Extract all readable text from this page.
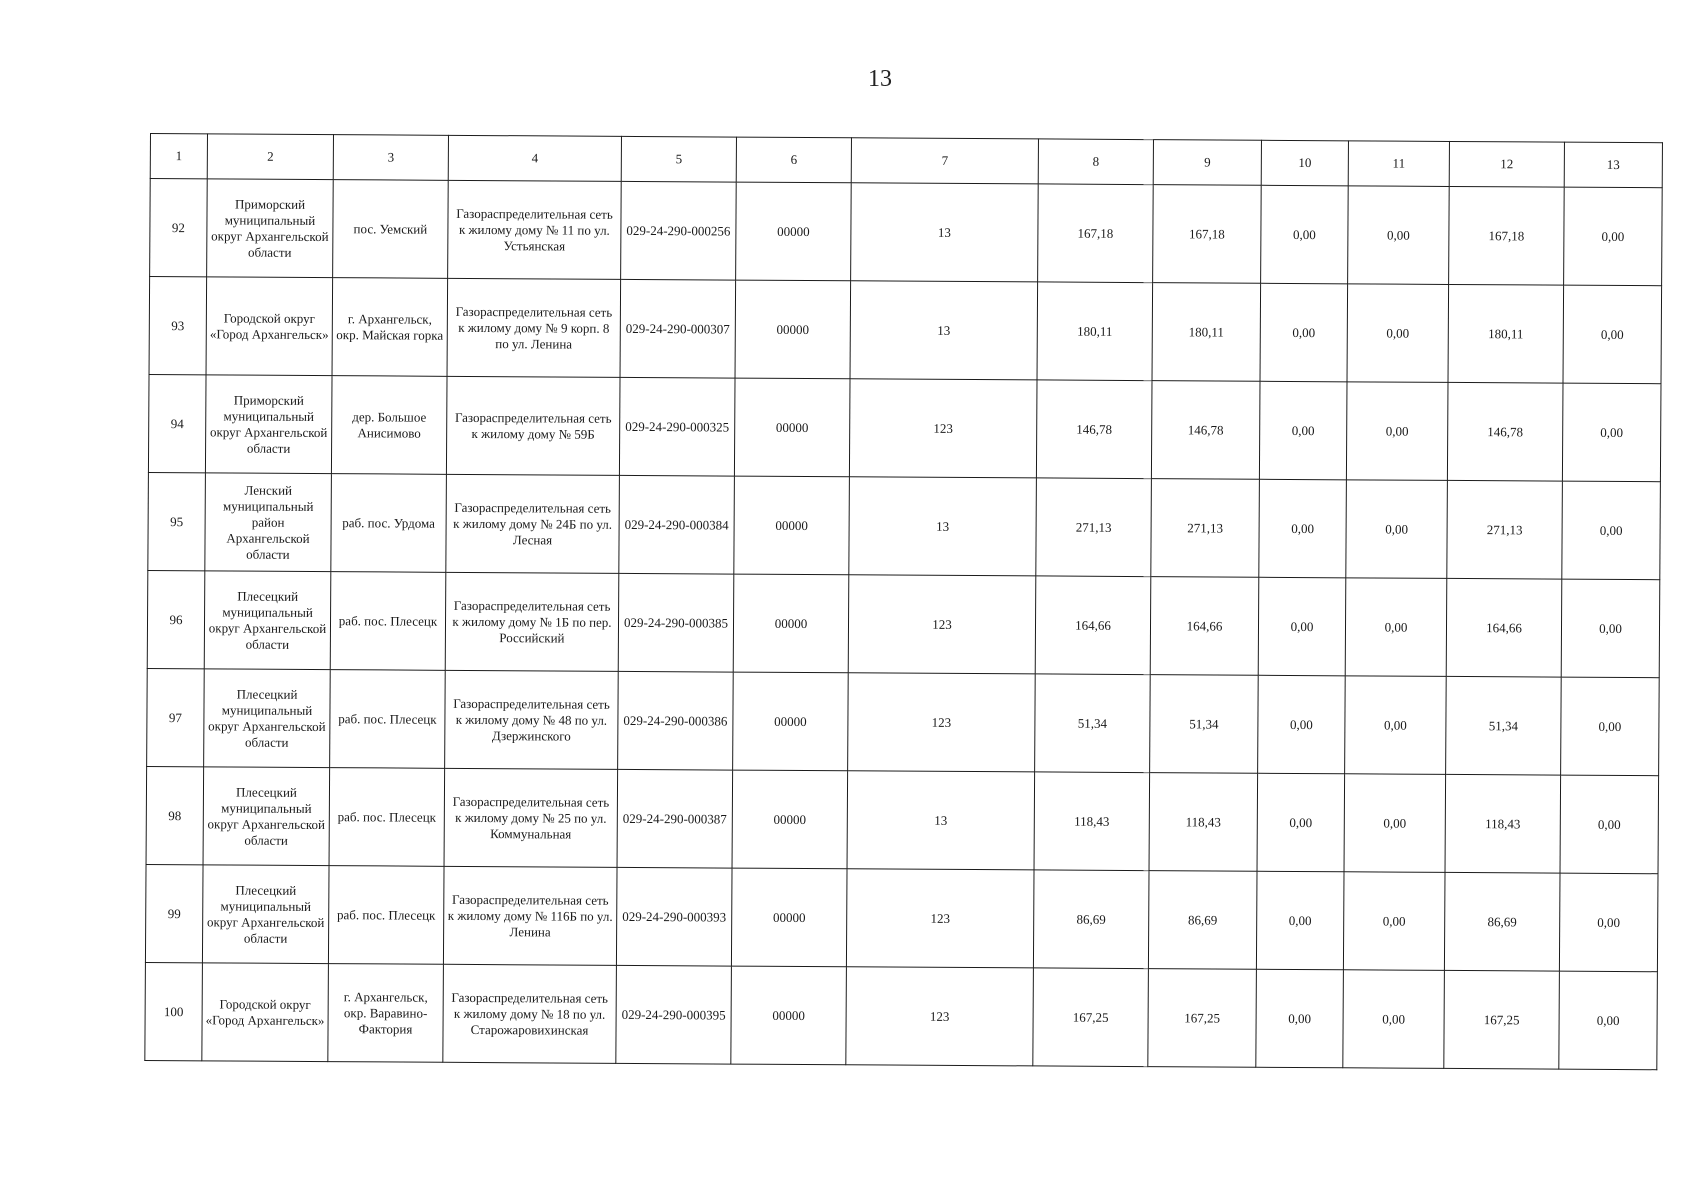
13
1	2	3	4	5	6	7	8	9	10	11	12	13
92	Приморский муниципальный округ Архангельской области	пос. Уемский	Газораспределительная сеть к жилому дому № 11 по ул. Устьянская	029-24-290-000256	00000	13	167,18	167,18	0,00	0,00	167,18	0,00
93	Городской округ «Город Архангельск»	г. Архангельск, окр. Майская горка	Газораспределительная сеть к жилому дому № 9 корп. 8 по ул. Ленина	029-24-290-000307	00000	13	180,11	180,11	0,00	0,00	180,11	0,00
94	Приморский муниципальный округ Архангельской области	дер. Большое Анисимово	Газораспределительная сеть к жилому дому № 59Б	029-24-290-000325	00000	123	146,78	146,78	0,00	0,00	146,78	0,00
95	Ленский муниципальный район Архангельской области	раб. пос. Урдома	Газораспределительная сеть к жилому дому № 24Б по ул. Лесная	029-24-290-000384	00000	13	271,13	271,13	0,00	0,00	271,13	0,00
96	Плесецкий муниципальный округ Архангельской области	раб. пос. Плесецк	Газораспределительная сеть к жилому дому № 1Б по пер. Российский	029-24-290-000385	00000	123	164,66	164,66	0,00	0,00	164,66	0,00
97	Плесецкий муниципальный округ Архангельской области	раб. пос. Плесецк	Газораспределительная сеть к жилому дому № 48 по ул. Дзержинского	029-24-290-000386	00000	123	51,34	51,34	0,00	0,00	51,34	0,00
98	Плесецкий муниципальный округ Архангельской области	раб. пос. Плесецк	Газораспределительная сеть к жилому дому № 25 по ул. Коммунальная	029-24-290-000387	00000	13	118,43	118,43	0,00	0,00	118,43	0,00
99	Плесецкий муниципальный округ Архангельской области	раб. пос. Плесецк	Газораспределительная сеть к жилому дому № 116Б по ул. Ленина	029-24-290-000393	00000	123	86,69	86,69	0,00	0,00	86,69	0,00
100	Городской округ «Город Архангельск»	г. Архангельск, окр. Варавино-Фактория	Газораспределительная сеть к жилому дому № 18 по ул. Старожаровихинская	029-24-290-000395	00000	123	167,25	167,25	0,00	0,00	167,25	0,00
